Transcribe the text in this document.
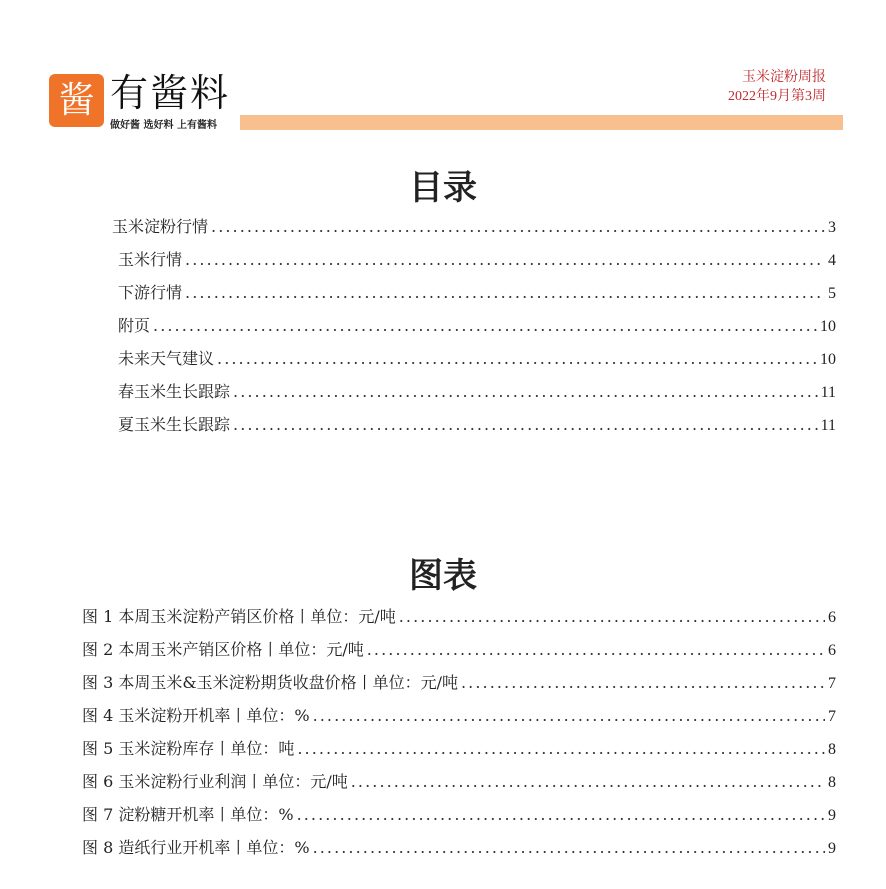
酱 有酱料
做好酱 选好料 上有酱料
玉米淀粉周报
2022年9月第3周
目录
玉米淀粉行情 . . .	3
玉米行情 . . .	4
下游行情 . . .	5
附页 . . .	10
未来天气建议 . . .	10
春玉米生长跟踪 . . .	11
夏玉米生长跟踪 . . .	11
图表
图 1 本周玉米淀粉产销区价格丨单位：元/吨 . . .	6
图 2 本周玉米产销区价格丨单位：元/吨 . . .	6
图 3 本周玉米&玉米淀粉期货收盘价格丨单位：元/吨 . . .	7
图 4 玉米淀粉开机率丨单位：% . . .	7
图 5 玉米淀粉库存丨单位：吨 . . .	8
图 6 玉米淀粉行业利润丨单位：元/吨 . . .	8
图 7 淀粉糖开机率丨单位：% . . .	9
图 8 造纸行业开机率丨单位：% . . .	9
